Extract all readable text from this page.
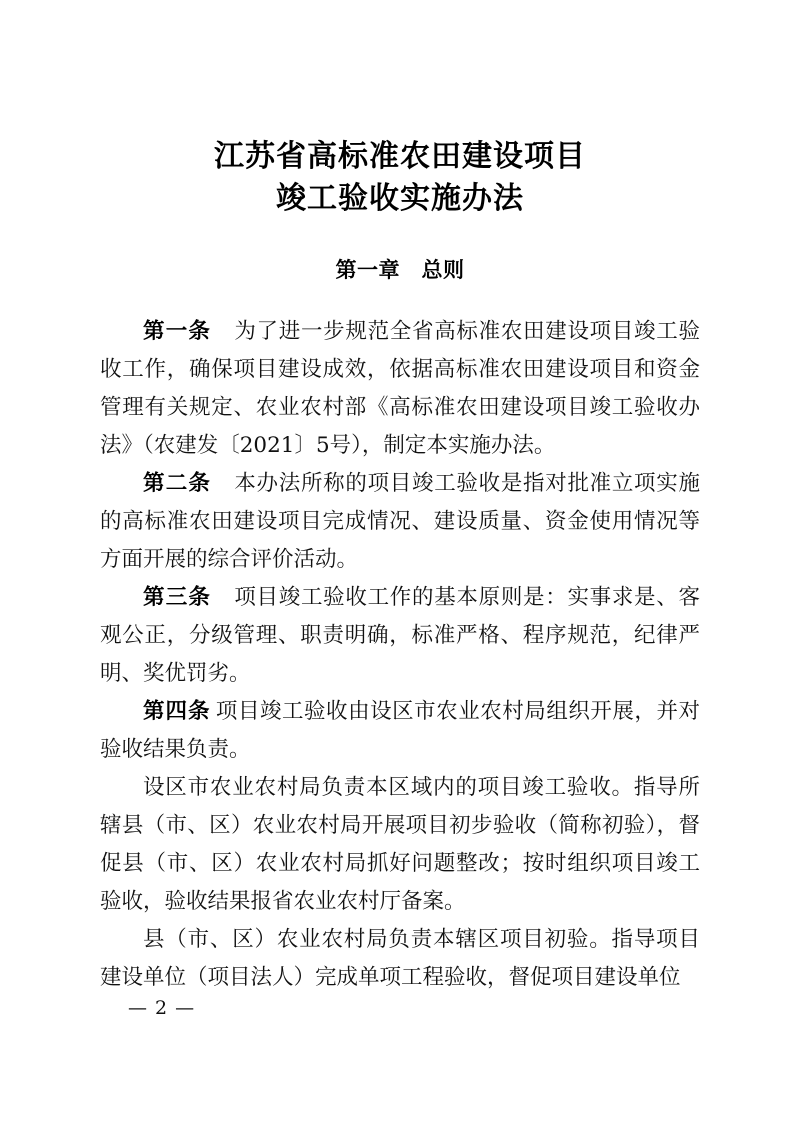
江苏省高标准农田建设项目
竣工验收实施办法
第一章　总则

第一条 为了进一步规范全省高标准农田建设项目竣工验收工作，确保项目建设成效，依据高标准农田建设项目和资金管理有关规定、农业农村部《高标准农田建设项目竣工验收办法》（农建发〔2021〕5号），制定本实施办法。

第二条 本办法所称的项目竣工验收是指对批准立项实施的高标准农田建设项目完成情况、建设质量、资金使用情况等方面开展的综合评价活动。

第三条 项目竣工验收工作的基本原则是：实事求是、客观公正，分级管理、职责明确，标准严格、程序规范，纪律严明、奖优罚劣。

第四条 项目竣工验收由设区市农业农村局组织开展，并对验收结果负责。

设区市农业农村局负责本区域内的项目竣工验收。指导所辖县（市、区）农业农村局开展项目初步验收（简称初验），督促县（市、区）农业农村局抓好问题整改；按时组织项目竣工验收，验收结果报省农业农村厅备案。

县（市、区）农业农村局负责本辖区项目初验。指导项目建设单位（项目法人）完成单项工程验收，督促项目建设单位

— 2 —
